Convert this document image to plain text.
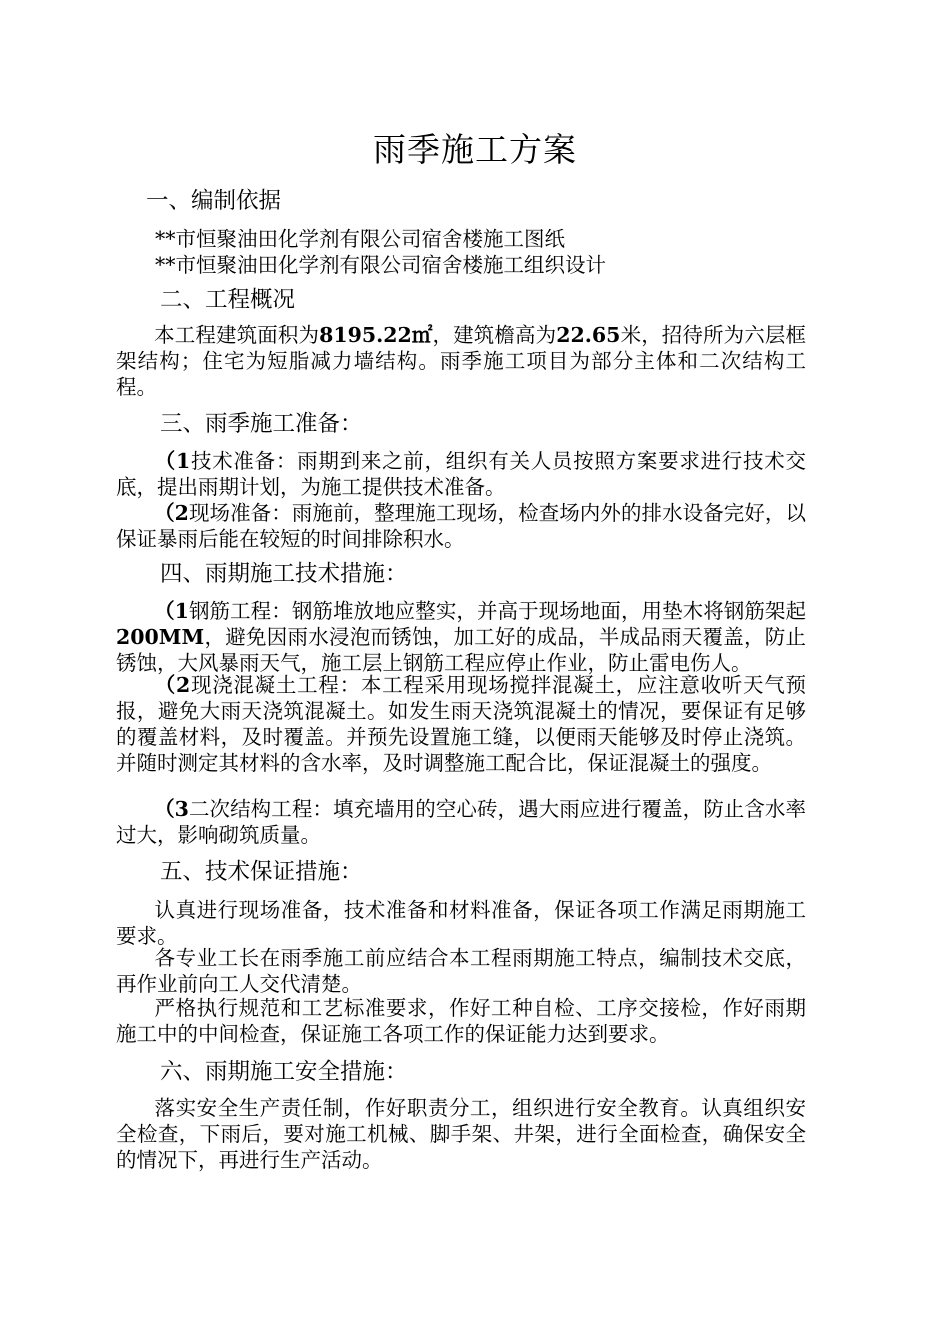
雨季施工方案
一、编制依据
**市恒聚油田化学剂有限公司宿舍楼施工图纸
**市恒聚油田化学剂有限公司宿舍楼施工组织设计
二、工程概况
本工程建筑面积为8195.22㎡，建筑檐高为22.65米，招待所为六层框架结构；住宅为短脂减力墙结构。雨季施工项目为部分主体和二次结构工程。
三、雨季施工准备：
（1技术准备：雨期到来之前，组织有关人员按照方案要求进行技术交底，提出雨期计划，为施工提供技术准备。
（2现场准备：雨施前，整理施工现场，检查场内外的排水设备完好，以保证暴雨后能在较短的时间排除积水。
四、雨期施工技术措施：
（1钢筋工程：钢筋堆放地应整实，并高于现场地面，用垫木将钢筋架起200MM，避免因雨水浸泡而锈蚀，加工好的成品，半成品雨天覆盖，防止锈蚀，大风暴雨天气，施工层上钢筋工程应停止作业，防止雷电伤人。
（2现浇混凝土工程：本工程采用现场搅拌混凝土，应注意收听天气预报，避免大雨天浇筑混凝土。如发生雨天浇筑混凝土的情况，要保证有足够的覆盖材料，及时覆盖。并预先设置施工缝，以便雨天能够及时停止浇筑。并随时测定其材料的含水率，及时调整施工配合比，保证混凝土的强度。
（3二次结构工程：填充墙用的空心砖，遇大雨应进行覆盖，防止含水率过大，影响砌筑质量。
五、技术保证措施：
认真进行现场准备，技术准备和材料准备，保证各项工作满足雨期施工要求。
各专业工长在雨季施工前应结合本工程雨期施工特点，编制技术交底，再作业前向工人交代清楚。
严格执行规范和工艺标准要求，作好工种自检、工序交接检，作好雨期施工中的中间检查，保证施工各项工作的保证能力达到要求。
六、雨期施工安全措施：
落实安全生产责任制，作好职责分工，组织进行安全教育。认真组织安全检查，下雨后，要对施工机械、脚手架、井架，进行全面检查，确保安全的情况下，再进行生产活动。
